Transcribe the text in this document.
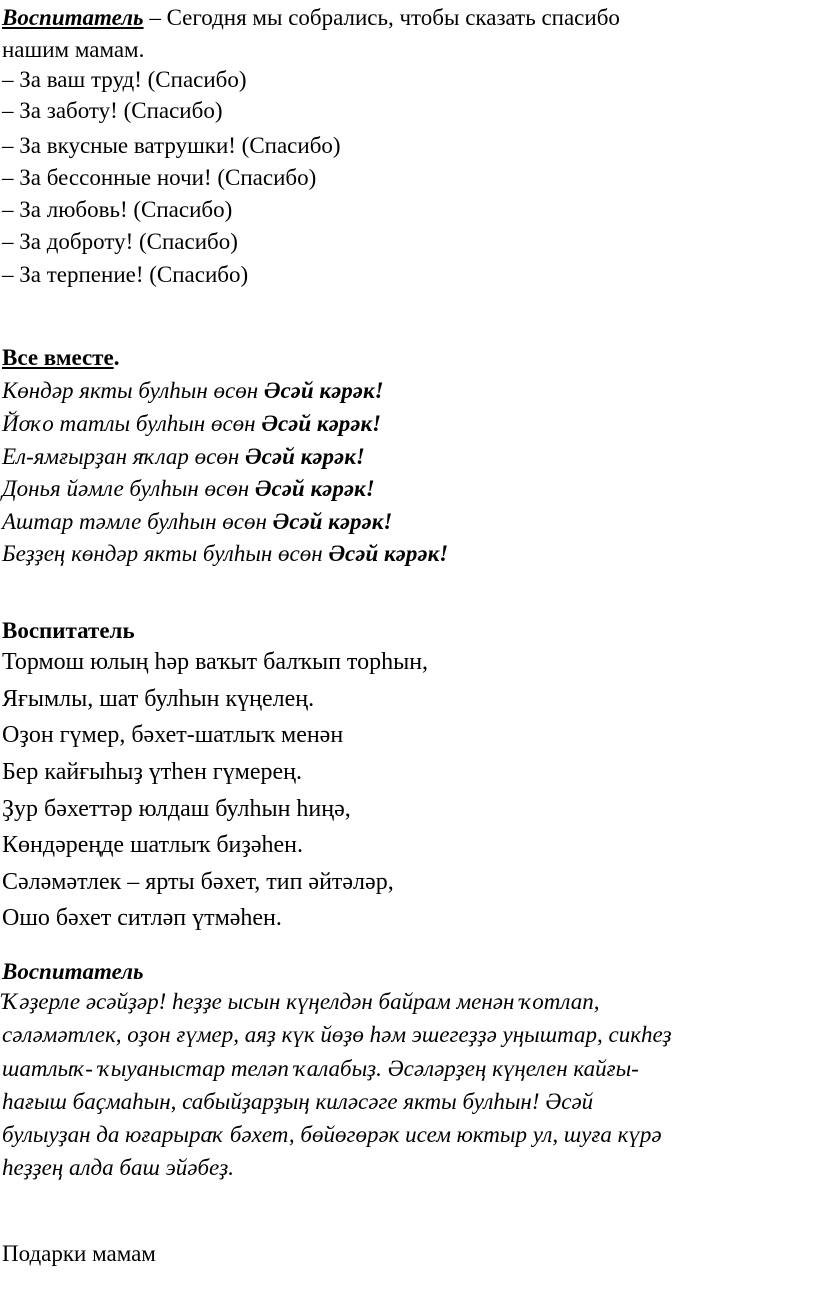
Воспитатель – Сегодня мы собрались, чтобы сказать спасибо
нашим мамам.
– За ваш труд! (Спасибо)
– За заботу! (Спасибо)
– За вкусные ватрушки! (Спасибо)
– За бессонные ночи! (Спасибо)
– За любовь! (Спасибо)
– За доброту! (Спасибо)
– За терпение! (Спасибо)
Все вместе.
Көндәр якты булһын өсөн Әсәй кәрәк!
Йоҡо татлы булһын өсөн Әсәй кәрәк!
Ел-ямғырҙан яҡлар өсөн Әсәй кәрәк!
Донья йәмле булһын өсөн Әсәй кәрәк!
Аштар тәмле булһын өсөн Әсәй кәрәк!
Беҙҙең көндәр якты булһын өсөн Әсәй кәрәк!
Воспитатель
Тормош юлың һәр ваҡыт балҡып торһын,
Яғымлы, шат булһын күңелең.
Оҙон гүмер, бәхет-шатлыҡ менән
Бер кайғыһыҙ үтһен гүмерең.
Ҙур бәхеттәр юлдаш булһын һиңә,
Көндәреңде шатлыҡ биҙәһен.
Сәләмәтлек – ярты бәхет, тип әйтәләр,
Ошо бәхет ситләп үтмәһен.
Воспитатель
Ҡәҙерле әсәйҙәр! һеҙҙе ысын күңелдән байрам менән ҡотлап,
сәләмәтлек, оҙон ғүмер, аяҙ күк йөҙө һәм эшегеҙҙә уңыштар, сикһеҙ
шатлыҡ- ҡыуаныстар теләп ҡалабыҙ. Әсәләрҙең күңелен кайғы-
һағыш баҫмаһын, сабыйҙарҙың киләсәге якты булһын! Әсәй
булыуҙан да юғарыраҡ бәхет, бөйөгөрәк исем юктыр ул, шуға күрә
һеҙҙең алда баш эйәбеҙ.
Подарки мамам
